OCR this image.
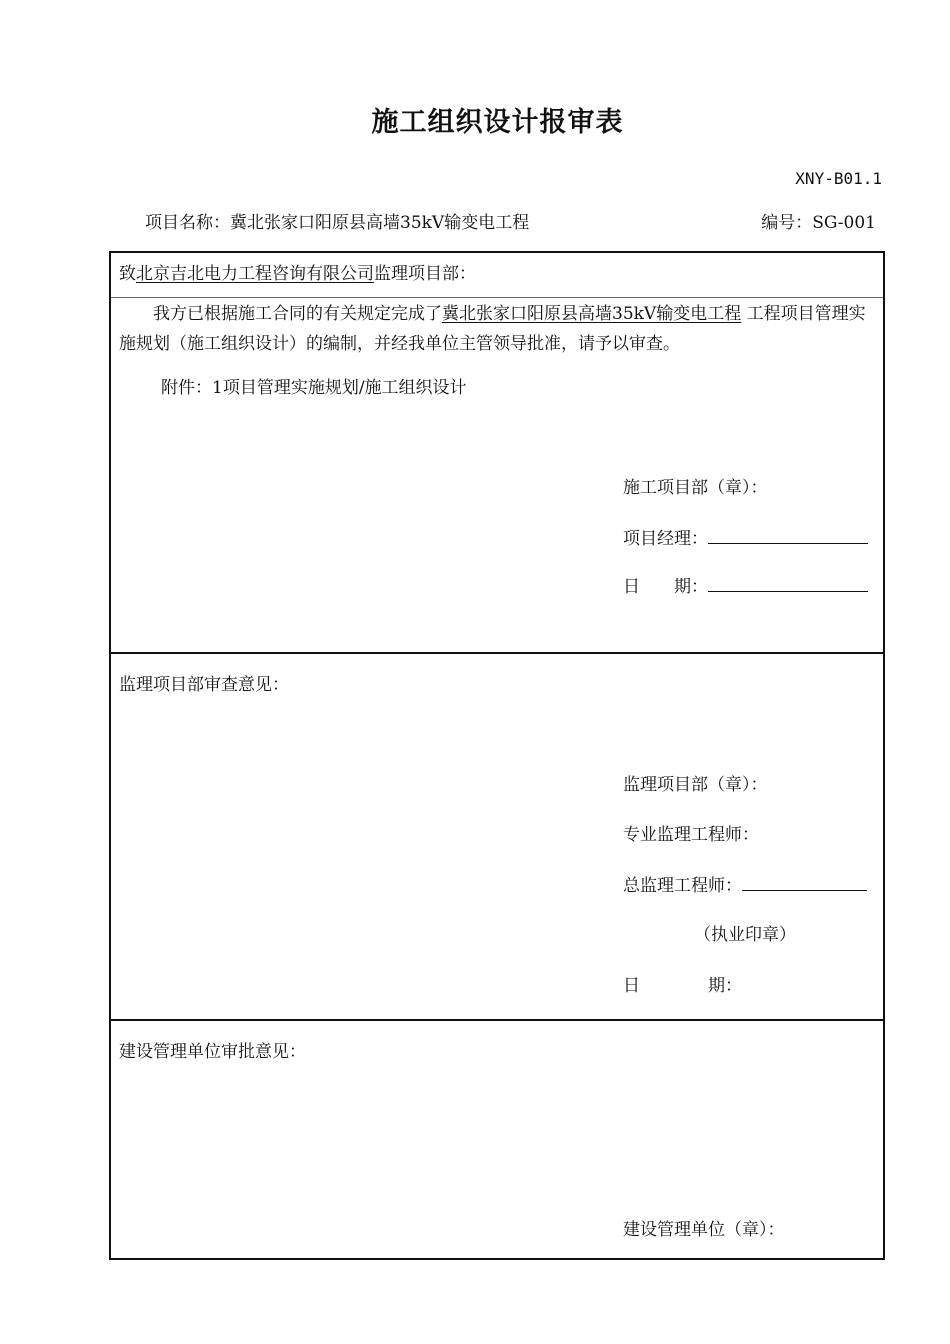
施工组织设计报审表
XNY-B01.1
项目名称：冀北张家口阳原县高墙35kV输变电工程	编号：SG-001
致北京吉北电力工程咨询有限公司监理项目部：
我方已根据施工合同的有关规定完成了冀北张家口阳原县高墙35kV输变电工程 工程项目管理实施规划（施工组织设计）的编制，并经我单位主管领导批准，请予以审查。
附件：1项目管理实施规划/施工组织设计
施工项目部（章）：
项目经理：
日　　期：
监理项目部审查意见：
监理项目部（章）：
专业监理工程师：
总监理工程师：
（执业印章）
日　　　　期：
建设管理单位审批意见：
建设管理单位（章）：
